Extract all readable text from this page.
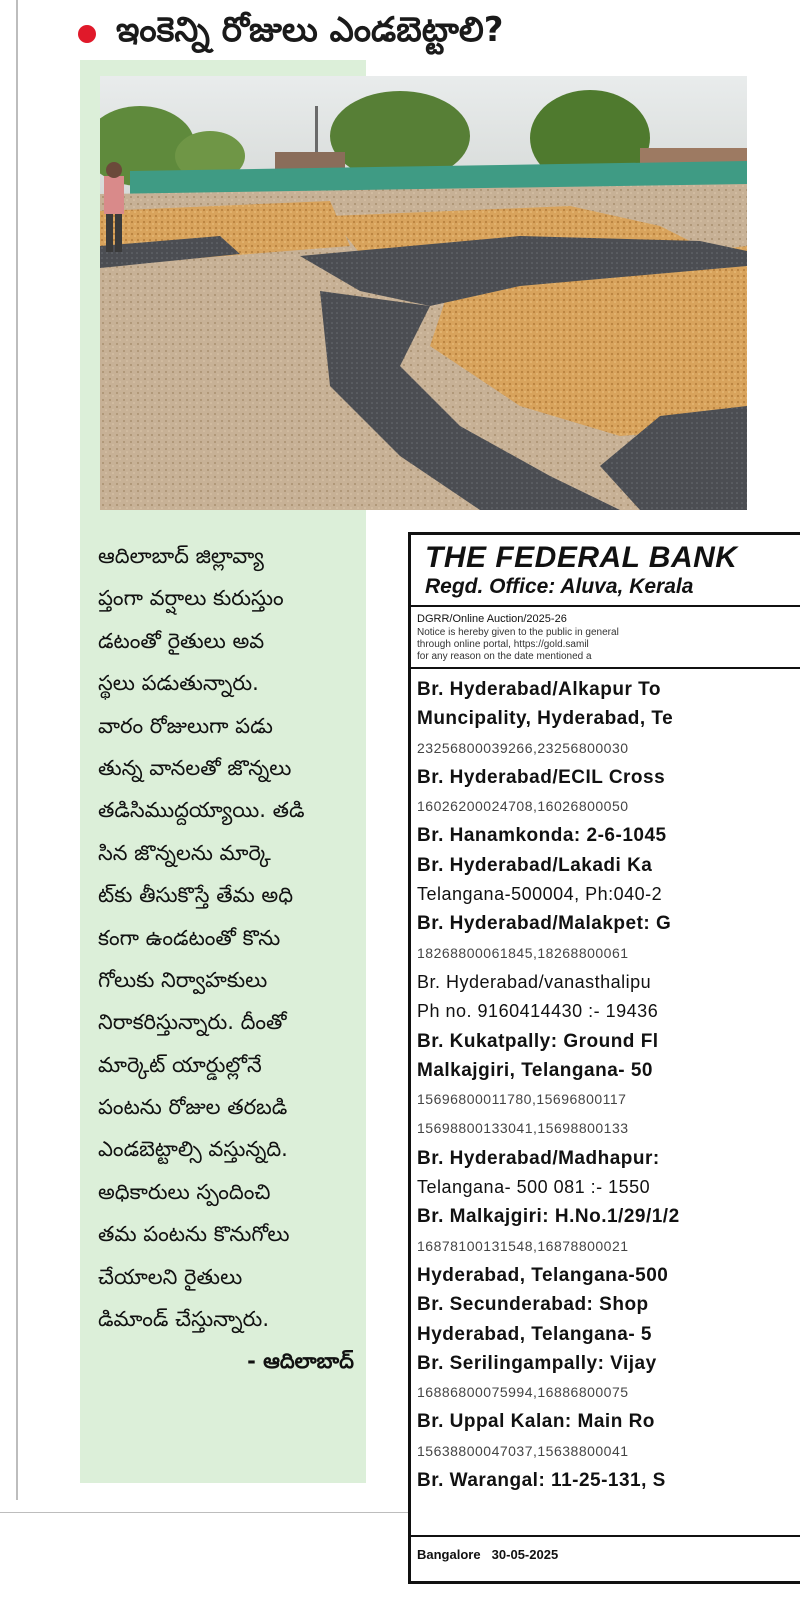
ఇంకెన్ని రోజులు ఎండబెట్టాలి?
ఆదిలాబాద్ జిల్లావ్యా
ప్తంగా వర్షాలు కురుస్తుం
డటంతో రైతులు అవ
స్థలు పడుతున్నారు.
వారం రోజులుగా పడు
తున్న వానలతో జొన్నలు
తడిసిముద్దయ్యాయి. తడి
సిన జొన్నలను మార్కె
ట్‌కు తీసుకొస్తే తేమ అధి
కంగా ఉండటంతో కొను
గోలుకు నిర్వాహకులు
నిరాకరిస్తున్నారు. దీంతో
మార్కెట్ యార్డుల్లోనే
పంటను రోజుల తరబడి
ఎండబెట్టాల్సి వస్తున్నది.
అధికారులు స్పందించి
తమ పంటను కొనుగోలు
చేయాలని రైతులు
డిమాండ్ చేస్తున్నారు.
- ఆదిలాబాద్
THE FEDERAL BANK
Regd. Office: Aluva, Kerala
DGRR/Online Auction/2025-26
Notice is hereby given to the public in general
through online portal, https://gold.samil
for any reason on the date mentioned a
Br. Hyderabad/Alkapur To
Muncipality, Hyderabad, Te
23256800039266,23256800030
Br. Hyderabad/ECIL Cross
16026200024708,16026800050
Br. Hanamkonda: 2-6-1045
Br. Hyderabad/Lakadi Ka
Telangana-500004, Ph:040-2
Br. Hyderabad/Malakpet: G
18268800061845,18268800061
Br. Hyderabad/vanasthalipu
Ph no. 9160414430 :- 19436
Br. Kukatpally: Ground Fl
Malkajgiri, Telangana- 50
15696800011780,15696800117
15698800133041,15698800133
Br. Hyderabad/Madhapur:
Telangana- 500 081 :- 1550
Br. Malkajgiri: H.No.1/29/1/2
16878100131548,16878800021
Hyderabad, Telangana-500
Br. Secunderabad: Shop
Hyderabad, Telangana- 5
Br. Serilingampally: Vijay
16886800075994,16886800075
Br. Uppal Kalan: Main Ro
15638800047037,15638800041
Br. Warangal: 11-25-131, S
Bangalore 30-05-2025
